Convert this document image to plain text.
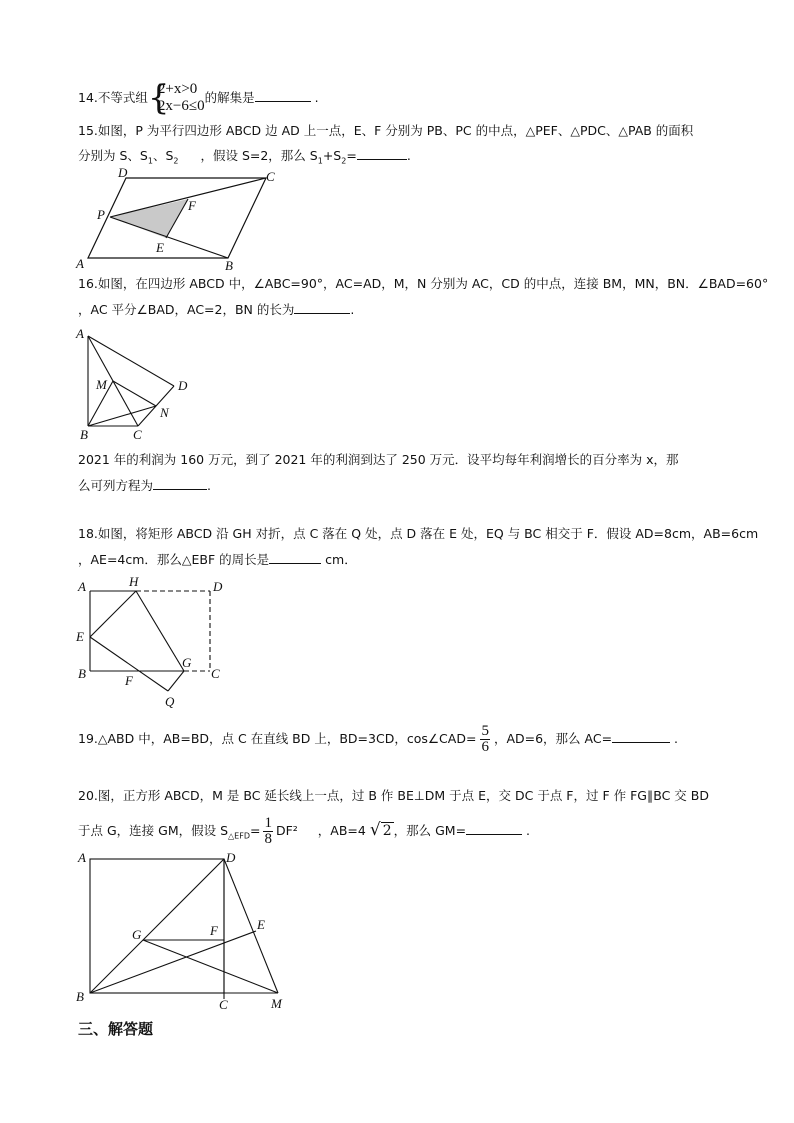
14.不等式组 {
2+x>0
2x−6≤0 的解集是	.
15.如图，P 为平行四边形 ABCD 边 AD 上一点，E、F 分别为 PB、PC 的中点，△PEF、△PDC、△PAB 的面积
分别为 S、$S_1$、$S_2$ ，假设 S=2，那么 $S_1+S_2=$	.
D	C
P
F
E
A	B
16.如图，在四边形 ABCD 中，∠ABC=90°，AC=AD，M，N 分别为 AC，CD 的中点，连接 BM，MN，BN．∠BAD=60°
，AC 平分∠BAD，AC=2，BN 的长为	.
A
M	D
N
B	C
2021 年的利润为 160 万元，到了 2021 年的利润到达了 250 万元．设平均每年利润增长的百分率为 x，那
么可列方程为	.
18.如图，将矩形 ABCD 沿 GH 对折，点 C 落在 Q 处，点 D 落在 E 处，EQ 与 BC 相交于 F．假设 AD=8cm，AB=6cm
，AE=4cm．那么△EBF 的周长是	cm．
A	H	D
E
G
B	F	C
Q
19.△ABD 中，AB=BD，点 C 在直线 BD 上，BD=3CD，cos∠CAD= $\frac{5}{6}$ ，AD=6，那么 AC=	.
20.图，正方形 ABCD，M 是 BC 延长线上一点，过 B 作 BE⊥DM 于点 E，交 DC 于点 F，过 F 作 FG∥BC 交 BD
于点 G，连接 GM，假设 $S_{\triangle EFD}= \frac{1}{8} DF^2$ ，AB=4 √ 2 ，那么 GM=	.
A	D
E
G	F
B
C	M
三、解答题
